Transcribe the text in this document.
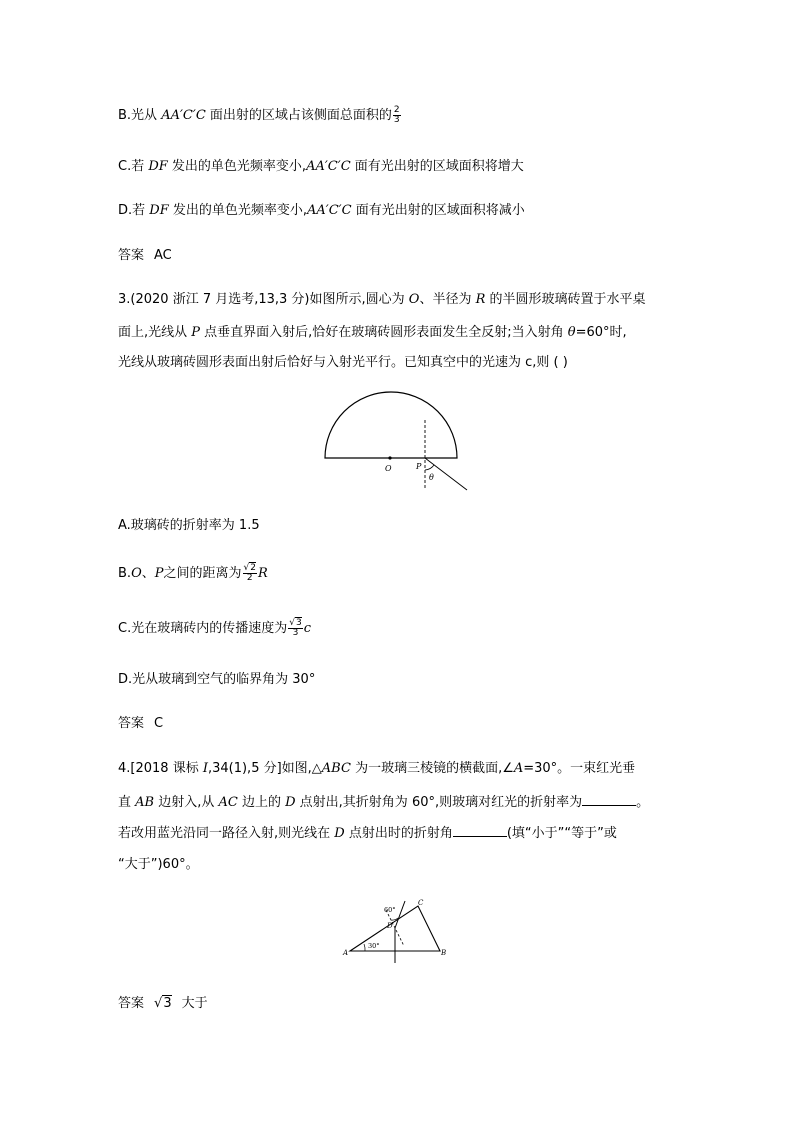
B.光从 AA′C′C 面出射的区域占该侧面总面积的 $\frac{2}{3}$
C.若 DF 发出的单色光频率变小,AA′C′C 面有光出射的区域面积将增大
D.若 DF 发出的单色光频率变小,AA′C′C 面有光出射的区域面积将减小
答案 AC
3.(2020 浙江 7 月选考,13,3 分)如图所示,圆心为 O、半径为 R 的半圆形玻璃砖置于水平桌
面上,光线从 P 点垂直界面入射后,恰好在玻璃砖圆形表面发生全反射;当入射角 θ=60°时,
光线从玻璃砖圆形表面出射后恰好与入射光平行。已知真空中的光速为 c,则 ( )
O	P
θ
A.玻璃砖的折射率为 1.5
B.O、P之间的距离为 $\frac{√2}{2}$ R
C.光在玻璃砖内的传播速度为 $\frac{√3}{3}$ c
D.光从玻璃到空气的临界角为 30°
答案 C
4.[2018 课标 I,34(1),5 分]如图,△ABC 为一玻璃三棱镜的横截面,∠A=30°。一束红光垂
直 AB 边射入,从 AC 边上的 D 点射出,其折射角为 60°,则玻璃对红光的折射率为	。
若改用蓝光沿同一路径入射,则光线在 D 点射出时的折射角	(填“小于”“等于”或
“大于”)60°。
A	B
C
D
60°
30°
答案 √3 大于
